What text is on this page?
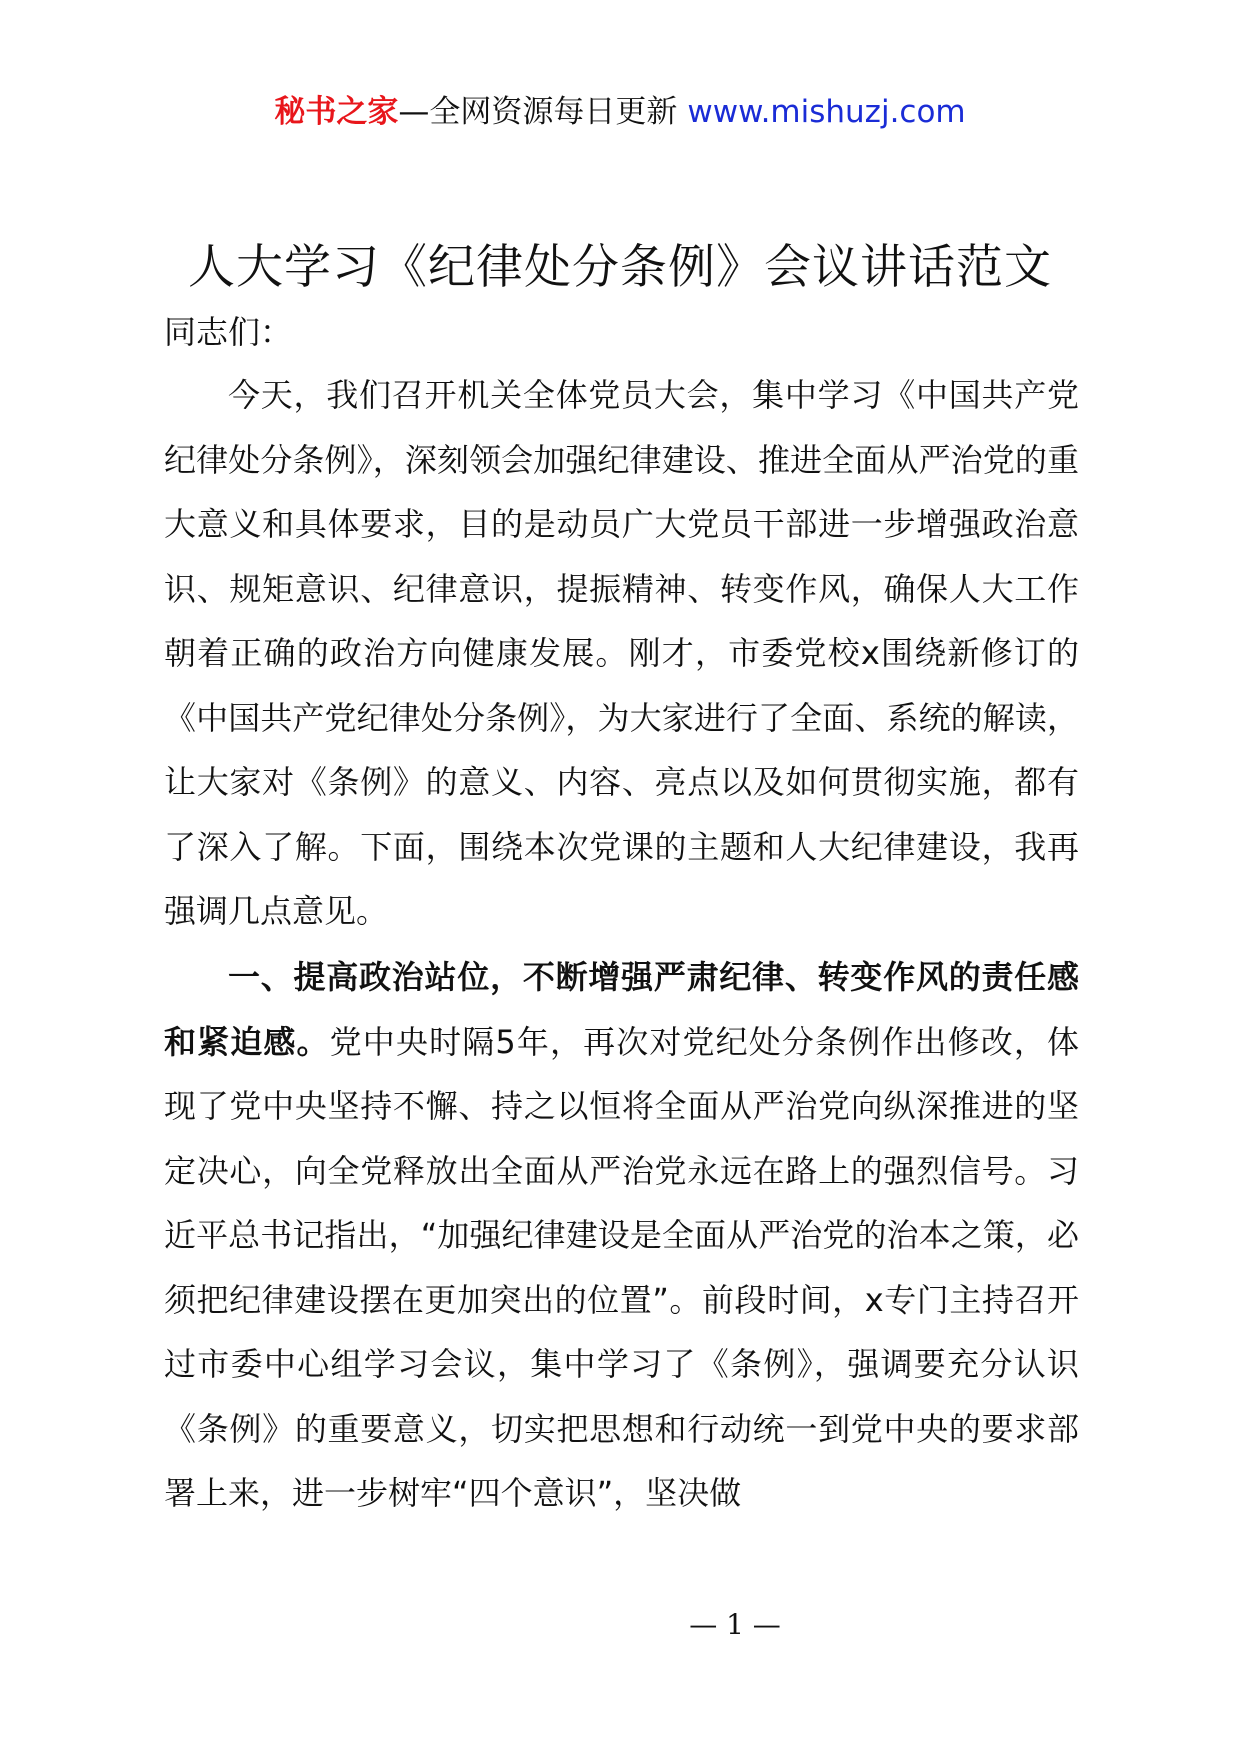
秘书之家—全网资源每日更新 www.mishuzj.com
人大学习《纪律处分条例》会议讲话范文
同志们：

今天，我们召开机关全体党员大会，集中学习《中国共产党纪律处分条例》，深刻领会加强纪律建设、推进全面从严治党的重大意义和具体要求，目的是动员广大党员干部进一步增强政治意识、规矩意识、纪律意识，提振精神、转变作风，确保人大工作朝着正确的政治方向健康发展。刚才，市委党校x围绕新修订的《中国共产党纪律处分条例》，为大家进行了全面、系统的解读，让大家对《条例》的意义、内容、亮点以及如何贯彻实施，都有了深入了解。下面，围绕本次党课的主题和人大纪律建设，我再强调几点意见。

一、提高政治站位，不断增强严肃纪律、转变作风的责任感和紧迫感。党中央时隔5年，再次对党纪处分条例作出修改，体现了党中央坚持不懈、持之以恒将全面从严治党向纵深推进的坚定决心，向全党释放出全面从严治党永远在路上的强烈信号。习近平总书记指出，“加强纪律建设是全面从严治党的治本之策，必须把纪律建设摆在更加突出的位置”。前段时间，x专门主持召开过市委中心组学习会议，集中学习了《条例》，强调要充分认识《条例》的重要意义，切实把思想和行动统一到党中央的要求部署上来，进一步树牢“四个意识”，坚决做

— 1 —
